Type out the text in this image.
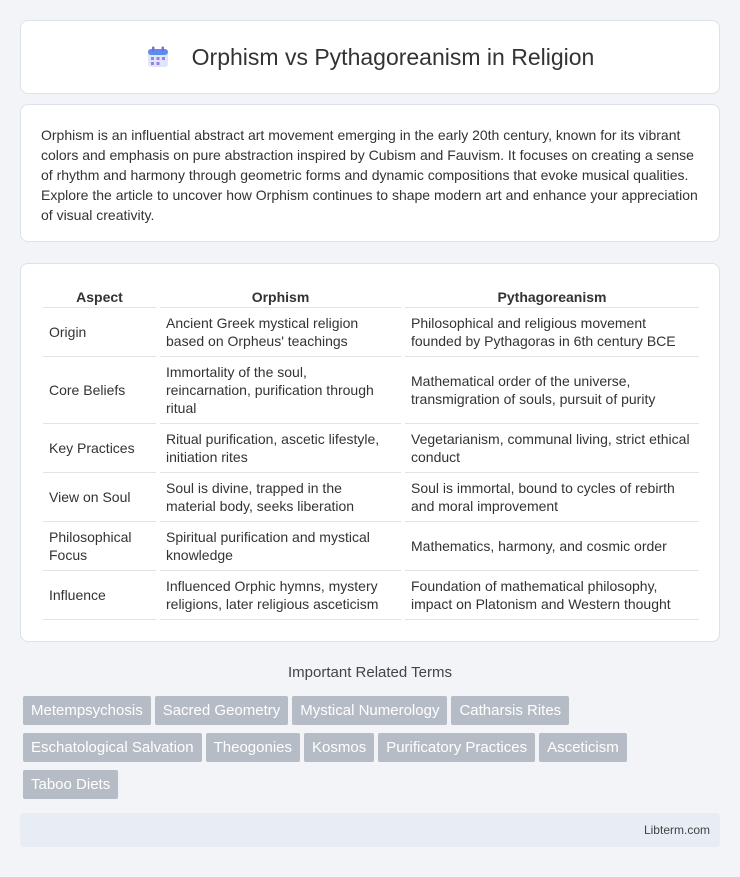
Orphism vs Pythagoreanism in Religion

Orphism is an influential abstract art movement emerging in the early 20th century, known for its vibrant colors and emphasis on pure abstraction inspired by Cubism and Fauvism. It focuses on creating a sense of rhythm and harmony through geometric forms and dynamic compositions that evoke musical qualities. Explore the article to uncover how Orphism continues to shape modern art and enhance your appreciation of visual creativity.

Aspect	Orphism	Pythagoreanism
Origin	Ancient Greek mystical religion based on Orpheus' teachings	Philosophical and religious movement founded by Pythagoras in 6th century BCE
Core Beliefs	Immortality of the soul, reincarnation, purification through ritual	Mathematical order of the universe, transmigration of souls, pursuit of purity
Key Practices	Ritual purification, ascetic lifestyle, initiation rites	Vegetarianism, communal living, strict ethical conduct
View on Soul	Soul is divine, trapped in the material body, seeks liberation	Soul is immortal, bound to cycles of rebirth and moral improvement
Philosophical Focus	Spiritual purification and mystical knowledge	Mathematics, harmony, and cosmic order
Influence	Influenced Orphic hymns, mystery religions, later religious asceticism	Foundation of mathematical philosophy, impact on Platonism and Western thought
Important Related Terms
Metempsychosis Sacred Geometry Mystical Numerology Catharsis Rites
Eschatological Salvation Theogonies Kosmos Purificatory Practices Asceticism
Taboo Diets
Libterm.com
